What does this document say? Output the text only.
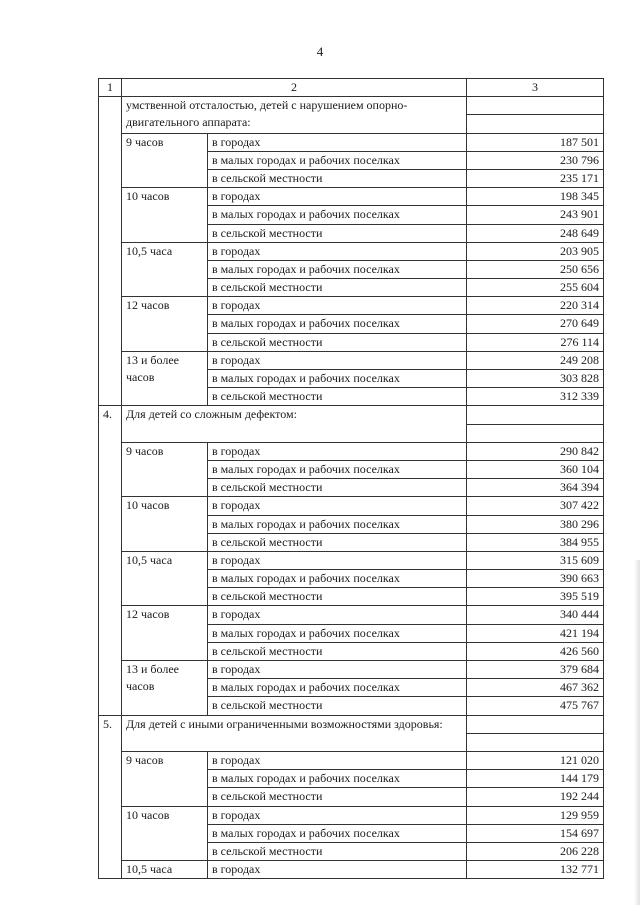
4
1	2		3
	умственной отсталостью, детей с нарушением опорно-двигательного аппарата:		

	9 часов	в городах	187 501
		в малых городах и рабочих поселках	230 796
		в сельской местности	235 171
	10 часов	в городах	198 345
		в малых городах и рабочих поселках	243 901
		в сельской местности	248 649
	10,5 часа	в городах	203 905
		в малых городах и рабочих поселках	250 656
		в сельской местности	255 604
	12 часов	в городах	220 314
		в малых городах и рабочих поселках	270 649
		в сельской местности	276 114
	13 и более часов	в городах	249 208
		в малых городах и рабочих поселках	303 828
		в сельской местности	312 339
4.	Для детей со сложным дефектом:		

	9 часов	в городах	290 842
		в малых городах и рабочих поселках	360 104
		в сельской местности	364 394
	10 часов	в городах	307 422
		в малых городах и рабочих поселках	380 296
		в сельской местности	384 955
	10,5 часа	в городах	315 609
		в малых городах и рабочих поселках	390 663
		в сельской местности	395 519
	12 часов	в городах	340 444
		в малых городах и рабочих поселках	421 194
		в сельской местности	426 560
	13 и более часов	в городах	379 684
		в малых городах и рабочих поселках	467 362
		в сельской местности	475 767
5.	Для детей с иными ограниченными возможностями здоровья:		

	9 часов	в городах	121 020
		в малых городах и рабочих поселках	144 179
		в сельской местности	192 244
	10 часов	в городах	129 959
		в малых городах и рабочих поселках	154 697
		в сельской местности	206 228
	10,5 часа	в городах	132 771
